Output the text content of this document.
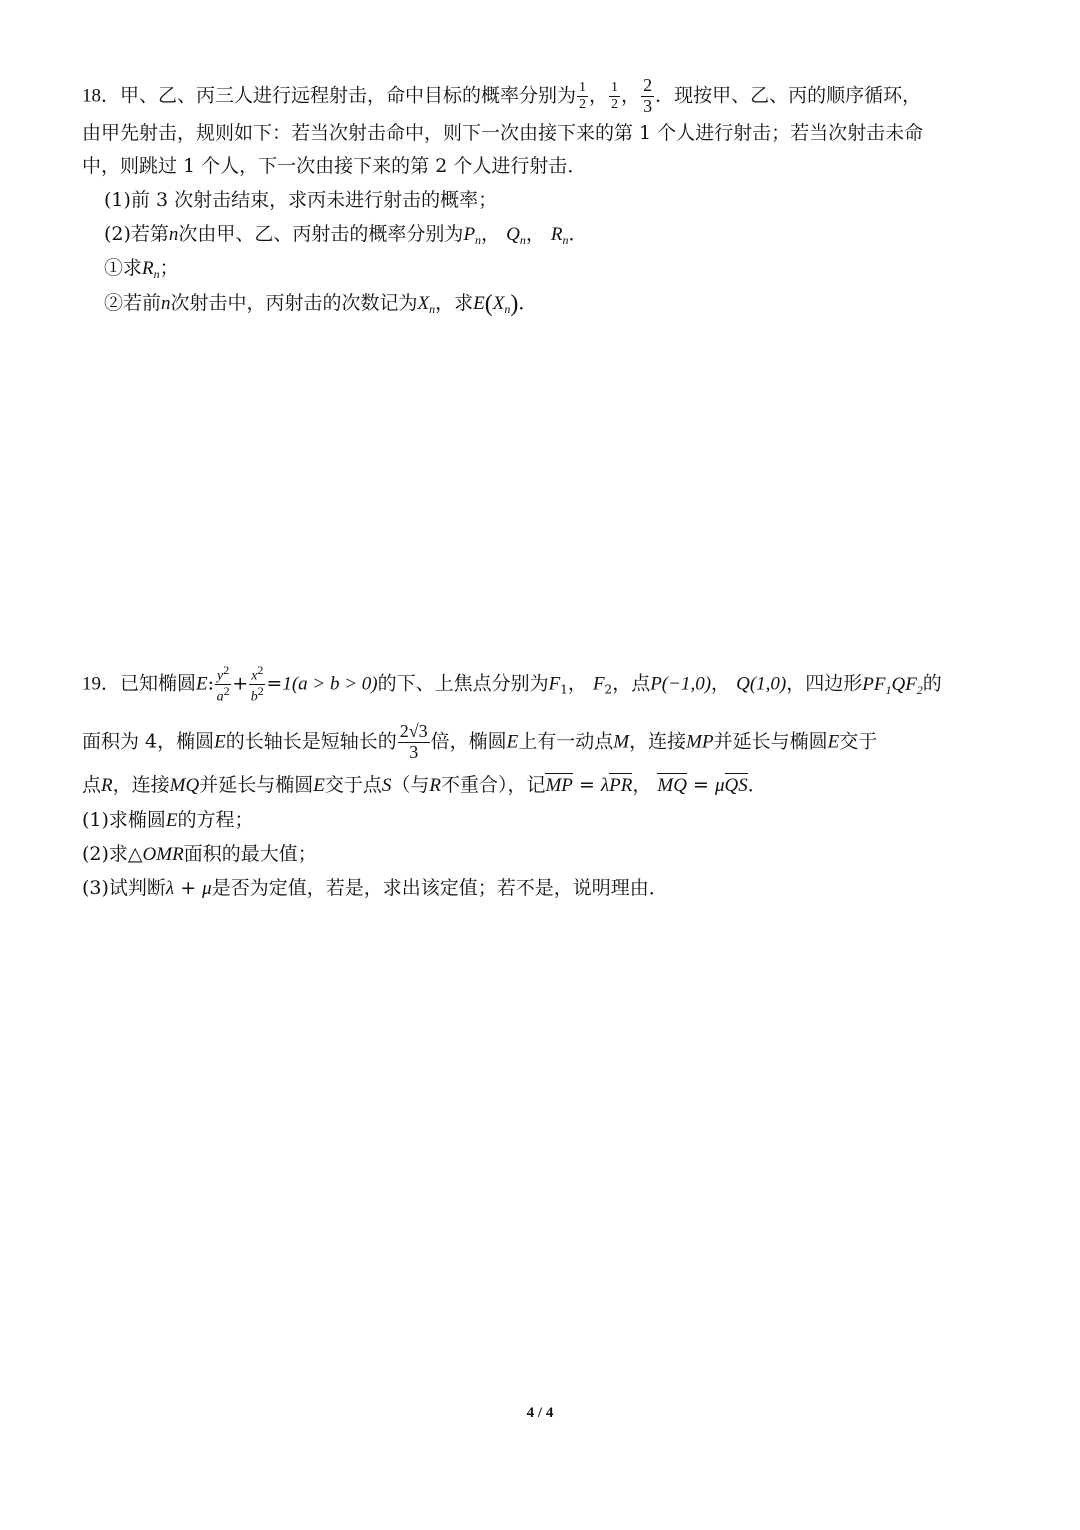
18．甲、乙、丙三人进行远程射击，命中目标的概率分别为 $\frac{1}{2}$ ， $\frac{1}{2}$ ， $\frac{2}{3}$ ．现按甲、乙、丙的顺序循环，
由甲先射击，规则如下：若当次射击命中，则下一次由接下来的第 1 个人进行射击；若当次射击未命
中，则跳过 1 个人，下一次由接下来的第 2 个人进行射击．
(1)前 3 次射击结束，求丙未进行射击的概率；
(2)若第n次由甲、乙、丙射击的概率分别为$P_n$， $Q_n$， $R_n$．
①求$R_n$；
②若前n次射击中，丙射击的次数记为$X_n$，求$E(X_n)$．
19．已知椭圆E: $\frac{y^2}{a^2} + \frac{x^2}{b^2} =1(a > b > 0)$的下、上焦点分别为$F_1$， $F_2$，点P(−1,0)， Q(1,0)，四边形$PF_1QF_2$的
面积为 4，椭圆E的长轴长是短轴长的 $\frac{2√3}{3}$ 倍，椭圆E上有一动点M，连接MP并延长与椭圆E交于
点R，连接MQ并延长与椭圆E交于点S（与R不重合），记MP = λPR， MQ = μQS．
(1)求椭圆E的方程；
(2)求△OMR面积的最大值；
(3)试判断λ + μ是否为定值，若是，求出该定值；若不是，说明理由．
4 / 4
